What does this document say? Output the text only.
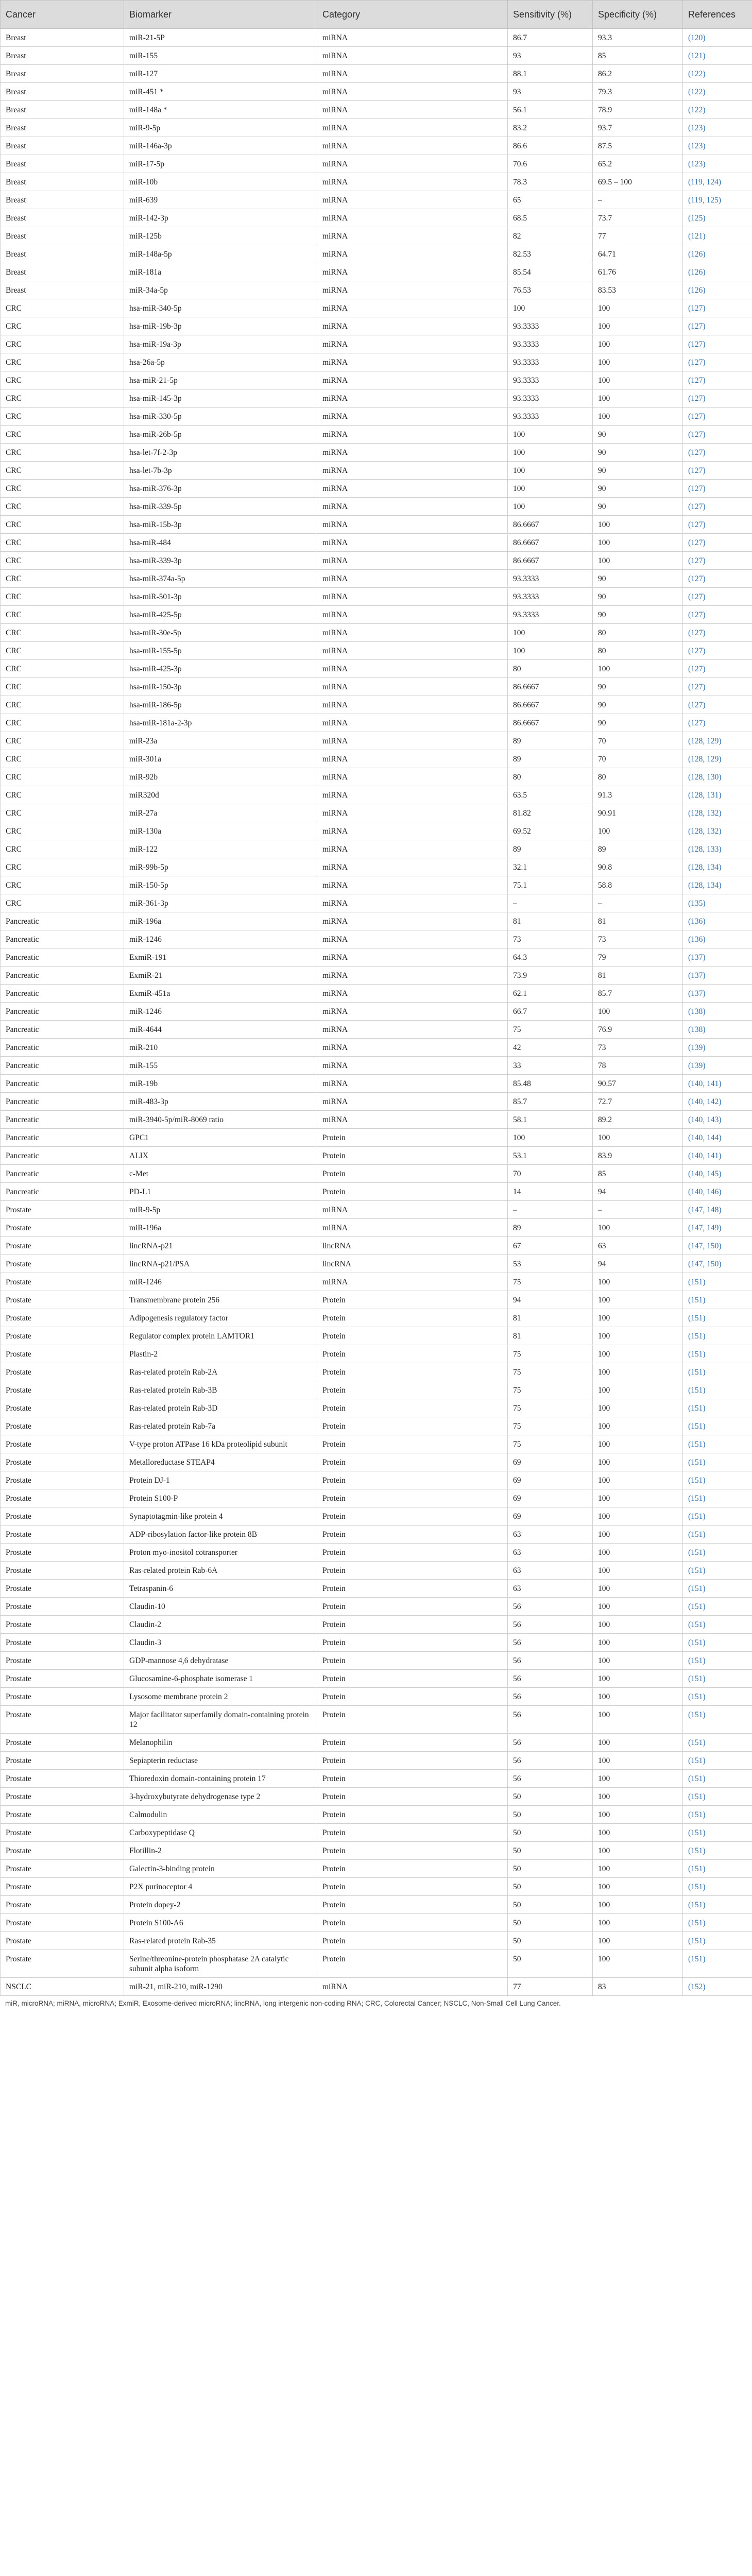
Cancer	Biomarker	Category	Sensitivity (%)	Specificity (%)	References
Breast	miR-21-5P	miRNA	86.7	93.3	(120)
Breast	miR-155	miRNA	93	85	(121)
Breast	miR-127	miRNA	88.1	86.2	(122)
Breast	miR-451 *	miRNA	93	79.3	(122)
Breast	miR-148a *	miRNA	56.1	78.9	(122)
Breast	miR-9-5p	miRNA	83.2	93.7	(123)
Breast	miR-146a-3p	miRNA	86.6	87.5	(123)
Breast	miR-17-5p	miRNA	70.6	65.2	(123)
Breast	miR-10b	miRNA	78.3	69.5 – 100	(119, 124)
Breast	miR-639	miRNA	65	–	(119, 125)
Breast	miR-142-3p	miRNA	68.5	73.7	(125)
Breast	miR-125b	miRNA	82	77	(121)
Breast	miR-148a-5p	miRNA	82.53	64.71	(126)
Breast	miR-181a	miRNA	85.54	61.76	(126)
Breast	miR-34a-5p	miRNA	76.53	83.53	(126)
CRC	hsa-miR-340-5p	miRNA	100	100	(127)
CRC	hsa-miR-19b-3p	miRNA	93.3333	100	(127)
CRC	hsa-miR-19a-3p	miRNA	93.3333	100	(127)
CRC	hsa-26a-5p	miRNA	93.3333	100	(127)
CRC	hsa-miR-21-5p	miRNA	93.3333	100	(127)
CRC	hsa-miR-145-3p	miRNA	93.3333	100	(127)
CRC	hsa-miR-330-5p	miRNA	93.3333	100	(127)
CRC	hsa-miR-26b-5p	miRNA	100	90	(127)
CRC	hsa-let-7f-2-3p	miRNA	100	90	(127)
CRC	hsa-let-7b-3p	miRNA	100	90	(127)
CRC	hsa-miR-376-3p	miRNA	100	90	(127)
CRC	hsa-miR-339-5p	miRNA	100	90	(127)
CRC	hsa-miR-15b-3p	miRNA	86.6667	100	(127)
CRC	hsa-miR-484	miRNA	86.6667	100	(127)
CRC	hsa-miR-339-3p	miRNA	86.6667	100	(127)
CRC	hsa-miR-374a-5p	miRNA	93.3333	90	(127)
CRC	hsa-miR-501-3p	miRNA	93.3333	90	(127)
CRC	hsa-miR-425-5p	miRNA	93.3333	90	(127)
CRC	hsa-miR-30e-5p	miRNA	100	80	(127)
CRC	hsa-miR-155-5p	miRNA	100	80	(127)
CRC	hsa-miR-425-3p	miRNA	80	100	(127)
CRC	hsa-miR-150-3p	miRNA	86.6667	90	(127)
CRC	hsa-miR-186-5p	miRNA	86.6667	90	(127)
CRC	hsa-miR-181a-2-3p	miRNA	86.6667	90	(127)
CRC	miR-23a	miRNA	89	70	(128, 129)
CRC	miR-301a	miRNA	89	70	(128, 129)
CRC	miR-92b	miRNA	80	80	(128, 130)
CRC	miR320d	miRNA	63.5	91.3	(128, 131)
CRC	miR-27a	miRNA	81.82	90.91	(128, 132)
CRC	miR-130a	miRNA	69.52	100	(128, 132)
CRC	miR-122	miRNA	89	89	(128, 133)
CRC	miR-99b-5p	miRNA	32.1	90.8	(128, 134)
CRC	miR-150-5p	miRNA	75.1	58.8	(128, 134)
CRC	miR-361-3p	miRNA	–	–	(135)
Pancreatic	miR-196a	miRNA	81	81	(136)
Pancreatic	miR-1246	miRNA	73	73	(136)
Pancreatic	ExmiR-191	miRNA	64.3	79	(137)
Pancreatic	ExmiR-21	miRNA	73.9	81	(137)
Pancreatic	ExmiR-451a	miRNA	62.1	85.7	(137)
Pancreatic	miR-1246	miRNA	66.7	100	(138)
Pancreatic	miR-4644	miRNA	75	76.9	(138)
Pancreatic	miR-210	miRNA	42	73	(139)
Pancreatic	miR-155	miRNA	33	78	(139)
Pancreatic	miR-19b	miRNA	85.48	90.57	(140, 141)
Pancreatic	miR-483-3p	miRNA	85.7	72.7	(140, 142)
Pancreatic	miR-3940-5p/miR-8069 ratio	miRNA	58.1	89.2	(140, 143)
Pancreatic	GPC1	Protein	100	100	(140, 144)
Pancreatic	ALIX	Protein	53.1	83.9	(140, 141)
Pancreatic	c-Met	Protein	70	85	(140, 145)
Pancreatic	PD-L1	Protein	14	94	(140, 146)
Prostate	miR-9-5p	miRNA	–	–	(147, 148)
Prostate	miR-196a	miRNA	89	100	(147, 149)
Prostate	lincRNA-p21	lincRNA	67	63	(147, 150)
Prostate	lincRNA-p21/PSA	lincRNA	53	94	(147, 150)
Prostate	miR-1246	miRNA	75	100	(151)
Prostate	Transmembrane protein 256	Protein	94	100	(151)
Prostate	Adipogenesis regulatory factor	Protein	81	100	(151)
Prostate	Regulator complex protein LAMTOR1	Protein	81	100	(151)
Prostate	Plastin-2	Protein	75	100	(151)
Prostate	Ras-related protein Rab-2A	Protein	75	100	(151)
Prostate	Ras-related protein Rab-3B	Protein	75	100	(151)
Prostate	Ras-related protein Rab-3D	Protein	75	100	(151)
Prostate	Ras-related protein Rab-7a	Protein	75	100	(151)
Prostate	V-type proton ATPase 16 kDa proteolipid subunit	Protein	75	100	(151)
Prostate	Metalloreductase STEAP4	Protein	69	100	(151)
Prostate	Protein DJ-1	Protein	69	100	(151)
Prostate	Protein S100-P	Protein	69	100	(151)
Prostate	Synaptotagmin-like protein 4	Protein	69	100	(151)
Prostate	ADP-ribosylation factor-like protein 8B	Protein	63	100	(151)
Prostate	Proton myo-inositol cotransporter	Protein	63	100	(151)
Prostate	Ras-related protein Rab-6A	Protein	63	100	(151)
Prostate	Tetraspanin-6	Protein	63	100	(151)
Prostate	Claudin-10	Protein	56	100	(151)
Prostate	Claudin-2	Protein	56	100	(151)
Prostate	Claudin-3	Protein	56	100	(151)
Prostate	GDP-mannose 4,6 dehydratase	Protein	56	100	(151)
Prostate	Glucosamine-6-phosphate isomerase 1	Protein	56	100	(151)
Prostate	Lysosome membrane protein 2	Protein	56	100	(151)
Prostate	Major facilitator superfamily domain-containing protein 12	Protein	56	100	(151)
Prostate	Melanophilin	Protein	56	100	(151)
Prostate	Sepiapterin reductase	Protein	56	100	(151)
Prostate	Thioredoxin domain-containing protein 17	Protein	56	100	(151)
Prostate	3-hydroxybutyrate dehydrogenase type 2	Protein	50	100	(151)
Prostate	Calmodulin	Protein	50	100	(151)
Prostate	Carboxypeptidase Q	Protein	50	100	(151)
Prostate	Flotillin-2	Protein	50	100	(151)
Prostate	Galectin-3-binding protein	Protein	50	100	(151)
Prostate	P2X purinoceptor 4	Protein	50	100	(151)
Prostate	Protein dopey-2	Protein	50	100	(151)
Prostate	Protein S100-A6	Protein	50	100	(151)
Prostate	Ras-related protein Rab-35	Protein	50	100	(151)
Prostate	Serine/threonine-protein phosphatase 2A catalytic subunit alpha isoform	Protein	50	100	(151)
NSCLC	miR-21, miR-210, miR-1290	miRNA	77	83	(152)
miR, microRNA; miRNA, microRNA; ExmiR, Exosome-derived microRNA; lincRNA, long intergenic non-coding RNA; CRC, Colorectal Cancer; NSCLC, Non-Small Cell Lung Cancer.
